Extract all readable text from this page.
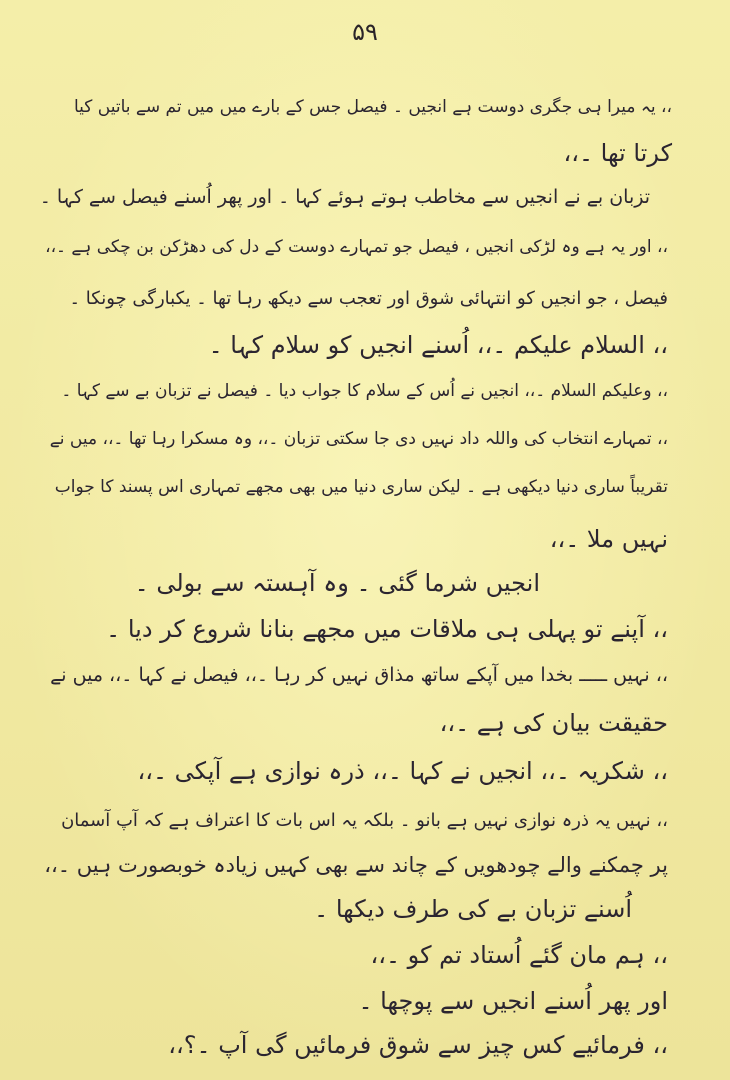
۵۹
،، یہ میرا ہی جگری دوست ہے انجیں ۔ فیصل جس کے بارے میں میں تم سے باتیں کیا
کرتا تھا ۔،،
تزبان بے نے انجیں سے مخاطب ہوتے ہوئے کہا ۔ اور پھر اُسنے فیصل سے کہا ۔
،، اور یہ ہے وہ لڑکی انجیں ، فیصل جو تمہارے دوست کے دل کی دھڑکن بن چکی ہے ۔،،
فیصل ، جو انجیں کو انتہائی شوق اور تعجب سے دیکھ رہا تھا ۔ یکبارگی چونکا ۔
،، السلام علیکم ۔،، اُسنے انجیں کو سلام کہا ۔
،، وعلیکم السلام ۔،، انجیں نے اُس کے سلام کا جواب دیا ۔ فیصل نے تزبان بے سے کہا ۔
،، تمہارے انتخاب کی واللہ داد نہیں دی جا سکتی تزبان ۔،، وہ مسکرا رہا تھا ۔،، میں نے
تقریباً ساری دنیا دیکھی ہے ۔ لیکن ساری دنیا میں بھی مجھے تمہاری اس پسند کا جواب
نہیں ملا ۔،،
انجیں شرما گئی ۔ وہ آہستہ سے بولی ۔
،، آپنے تو پہلی ہی ملاقات میں مجھے بنانا شروع کر دیا ۔
،، نہیں ـــــ بخدا میں آپکے ساتھ مذاق نہیں کر رہا ۔،، فیصل نے کہا ۔،، میں نے
حقیقت بیان کی ہے ۔،،
،، شکریہ ۔،، انجیں نے کہا ۔،، ذرہ نوازی ہے آپکی ۔،،
،، نہیں یہ ذرہ نوازی نہیں ہے بانو ۔ بلکہ یہ اس بات کا اعتراف ہے کہ آپ آسمان
پر چمکنے والے چودھویں کے چاند سے بھی کہیں زیادہ خوبصورت ہیں ۔،،
اُسنے تزبان بے کی طرف دیکھا ۔
،، ہم مان گئے اُستاد تم کو ۔،،
اور پھر اُسنے انجیں سے پوچھا ۔
،، فرمائیے کس چیز سے شوق فرمائیں گی آپ ۔؟،،
